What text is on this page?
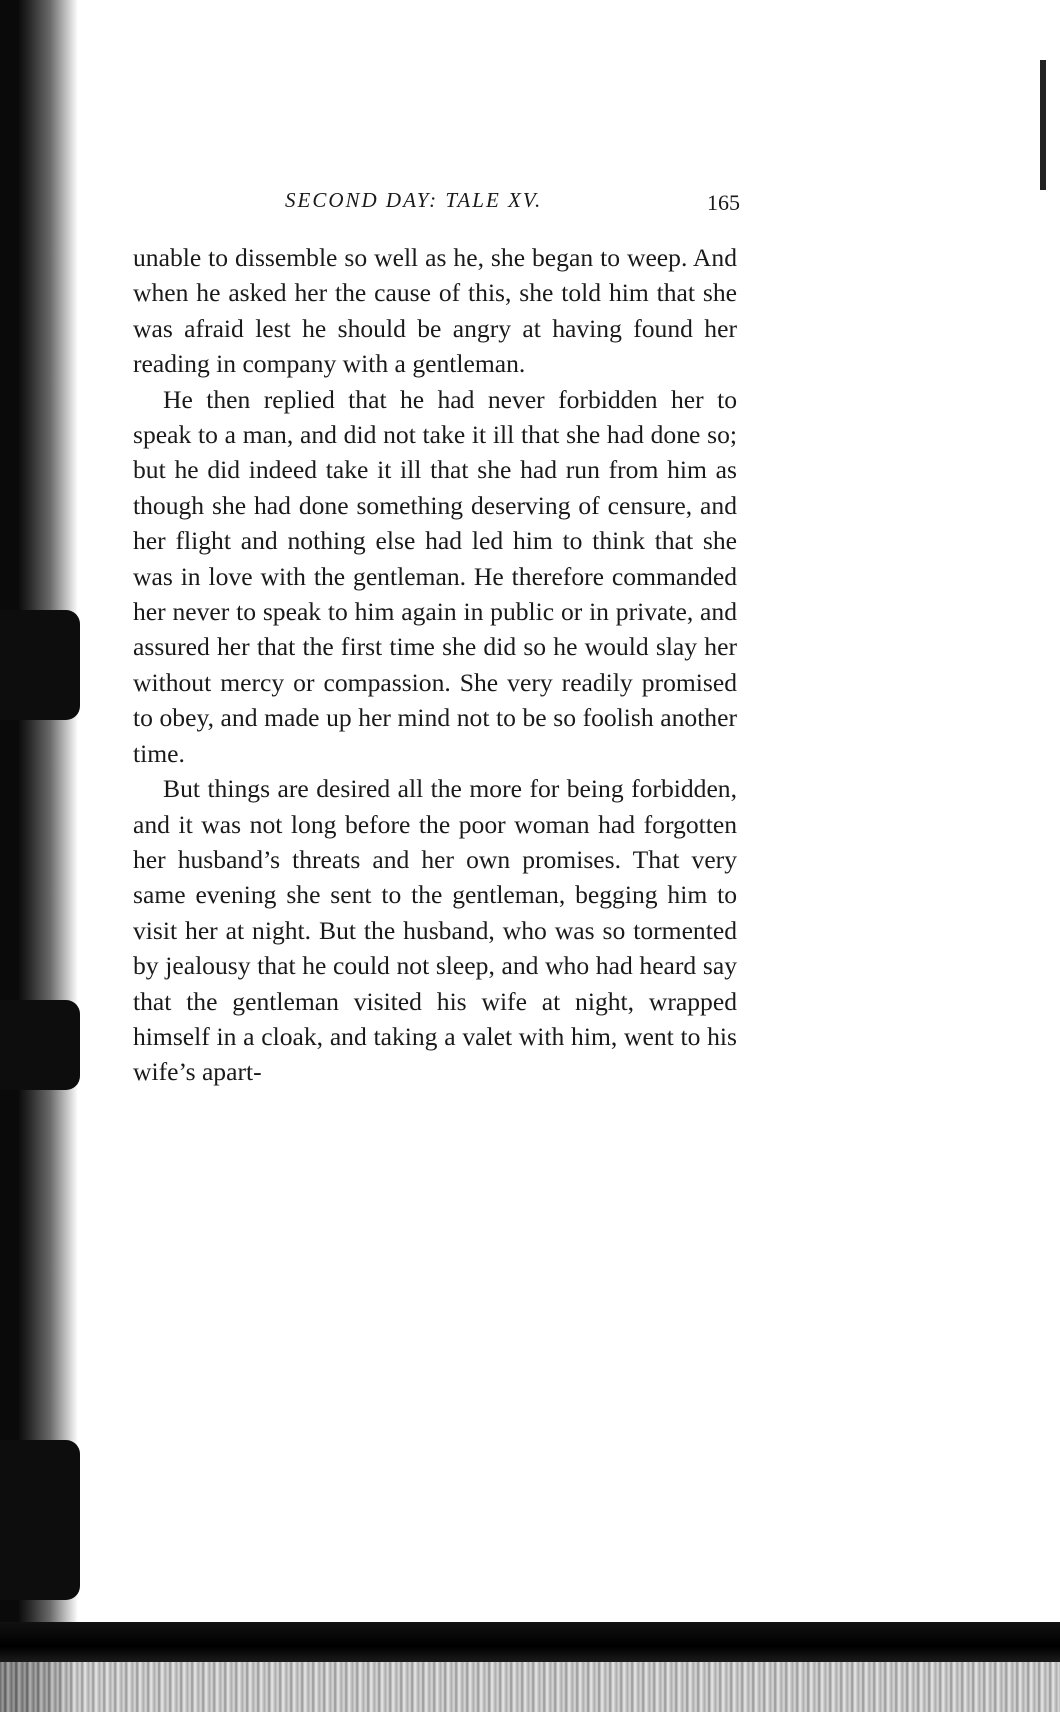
SECOND DAY: TALE XV.	165

unable to dissemble so well as he, she began to weep. And when he asked her the cause of this, she told him that she was afraid lest he should be angry at having found her reading in company with a gentleman.

He then replied that he had never forbidden her to speak to a man, and did not take it ill that she had done so; but he did indeed take it ill that she had run from him as though she had done something deserving of censure, and her flight and nothing else had led him to think that she was in love with the gentleman. He therefore commanded her never to speak to him again in public or in private, and assured her that the first time she did so he would slay her without mercy or compassion. She very readily promised to obey, and made up her mind not to be so foolish another time.

But things are desired all the more for being forbidden, and it was not long before the poor woman had forgotten her husband’s threats and her own promises. That very same evening she sent to the gentleman, begging him to visit her at night. But the husband, who was so tormented by jealousy that he could not sleep, and who had heard say that the gentleman visited his wife at night, wrapped himself in a cloak, and taking a valet with him, went to his wife’s apart-
